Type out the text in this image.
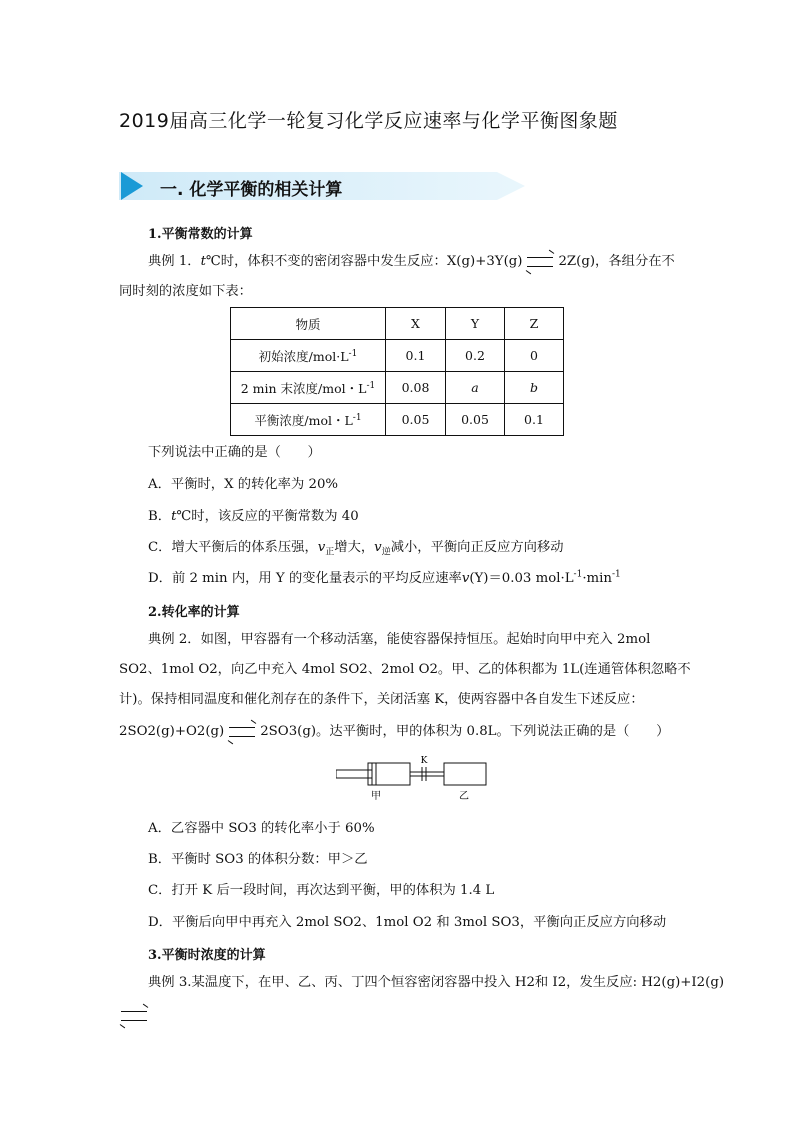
2019届高三化学一轮复习化学反应速率与化学平衡图象题
一. 化学平衡的相关计算
1.平衡常数的计算
典例 1．t℃时，体积不变的密闭容器中发生反应：X(g)+3Y(g)	2Z(g)，各组分在不
同时刻的浓度如下表：
物质	X	Y	Z
初始浓度$/mol\cdot L^{-1}$	0.1	0.2	0
2 min 末浓度/mol・$L^{-1}$	0.08	a	b
平衡浓度/mol・$L^{-1}$	0.05	0.05	0.1
下列说法中正确的是（　　）
A．平衡时，X 的转化率为 20%
B．t℃时，该反应的平衡常数为 40
C．增大平衡后的体系压强，$v_正$增大，$v_逆$减小，平衡向正反应方向移动
D．前 2 min 内，用 Y 的变化量表示的平均反应速率v(Y)＝0.03 $mol\cdot L^{-1}\cdot\min^{-1}$
2.转化率的计算
典例 2．如图，甲容器有一个移动活塞，能使容器保持恒压。起始时向甲中充入 2mol
SO2、1mol O2，向乙中充入 4mol SO2、2mol O2。甲、乙的体积都为 1L(连通管体积忽略不
计)。保持相同温度和催化剂存在的条件下，关闭活塞 K，使两容器中各自发生下述反应：
2SO2(g)+O2(g)	2SO3(g)。达平衡时，甲的体积为 0.8L。下列说法正确的是（　　）
K
甲	乙
A．乙容器中 SO3 的转化率小于 60%
B．平衡时 SO3 的体积分数：甲＞乙
C．打开 K 后一段时间，再次达到平衡，甲的体积为 1.4 L
D．平衡后向甲中再充入 2mol SO2、1mol O2 和 3mol SO3，平衡向正反应方向移动
3.平衡时浓度的计算
典例 3.某温度下，在甲、乙、丙、丁四个恒容密闭容器中投入 H2和 I2，发生反应: H2(g)+I2(g)
